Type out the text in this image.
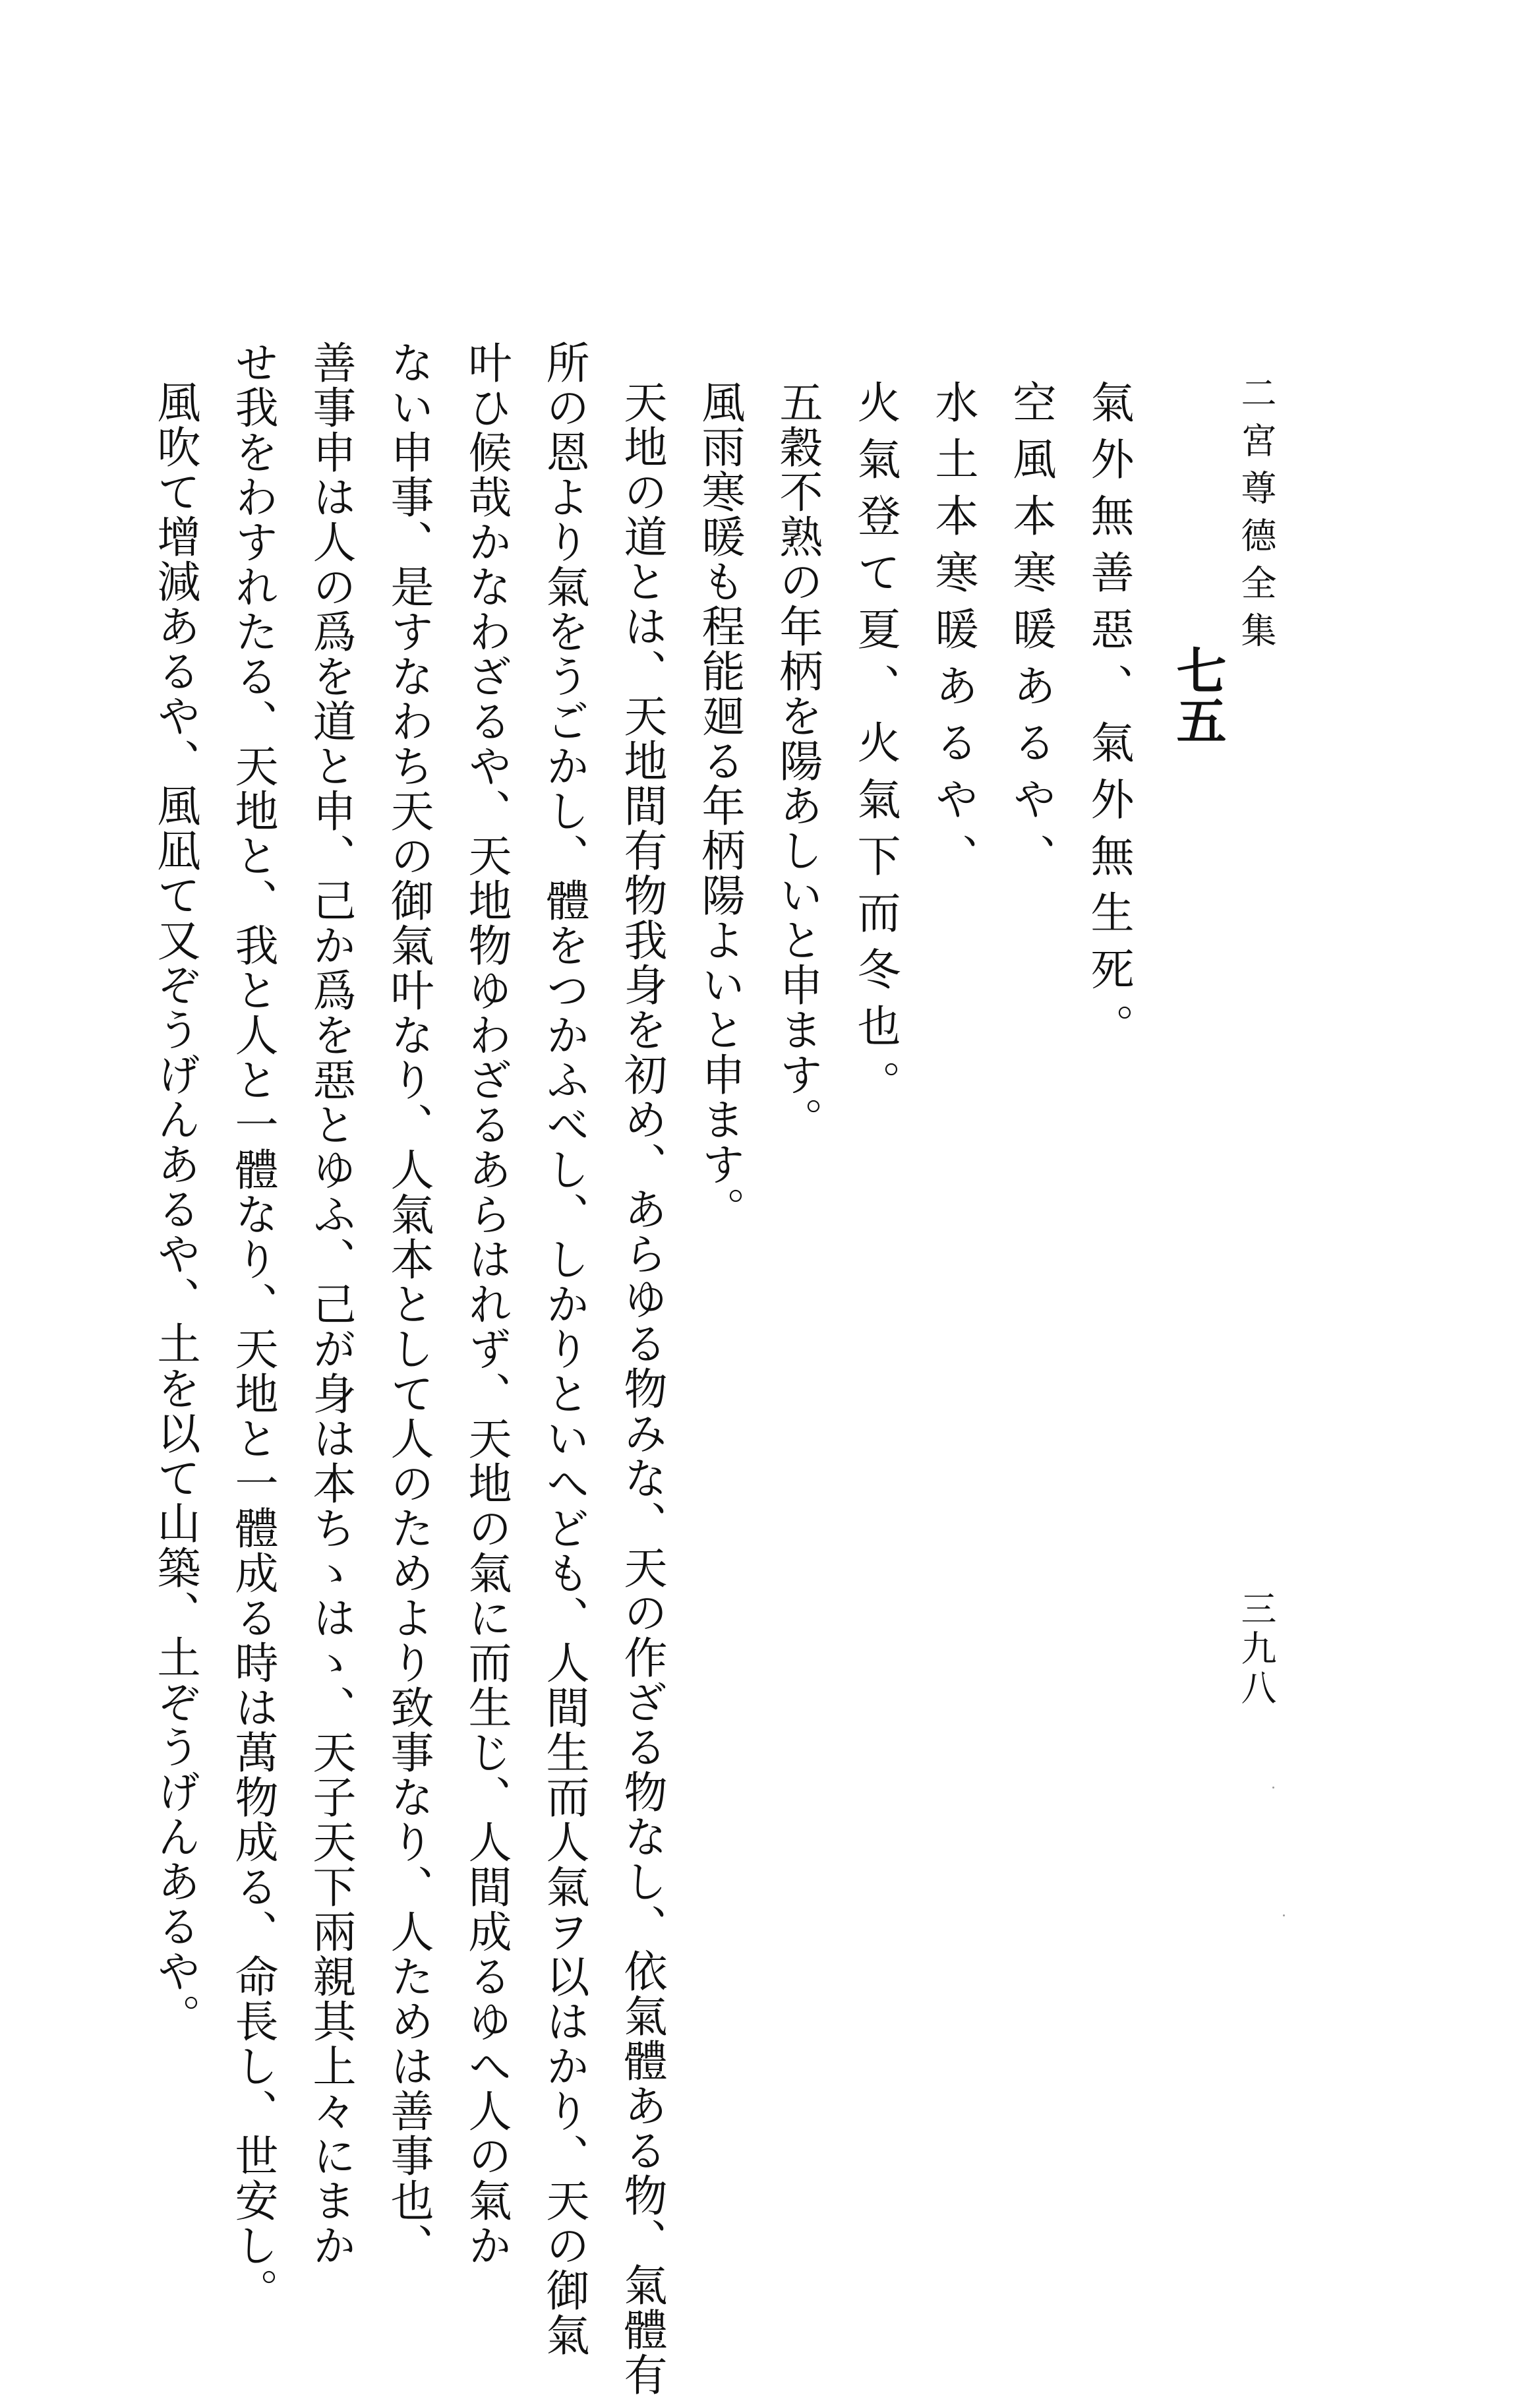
二宮尊德全集
三九八
七五
氣外無善惡、氣外無生死。
空風本寒暖あるや、
水土本寒暖あるや、
火氣登て夏、火氣下而冬也。
五穀不熟の年柄を陽あしいと申ます。
風雨寒暖も程能廻る年柄陽よいと申ます。
天地の道とは、天地間有物我身を初め、あらゆる物みな、天の作ざる物なし、依氣體ある物、氣體有
所の恩より氣をうごかし、體をつかふべし、しかりといへども、人間生而人氣ヲ以はかり、天の御氣
叶ひ候哉かなわざるや、天地物ゆわざるあらはれず、天地の氣に而生じ、人間成るゆへ人の氣か
ない申事、是すなわち天の御氣叶なり、人氣本として人のためより致事なり、人ためは善事也、
善事申は人の爲を道と申、己か爲を惡とゆふ、己が身は本ちゝはゝ、天子天下兩親其上々にまか
せ我をわすれたる、天地と、我と人と一體なり、天地と一體成る時は萬物成る、命長し、世安し。
風吹て增減あるや、風凪て又ぞうげんあるや、土を以て山築、土ぞうげんあるや。
